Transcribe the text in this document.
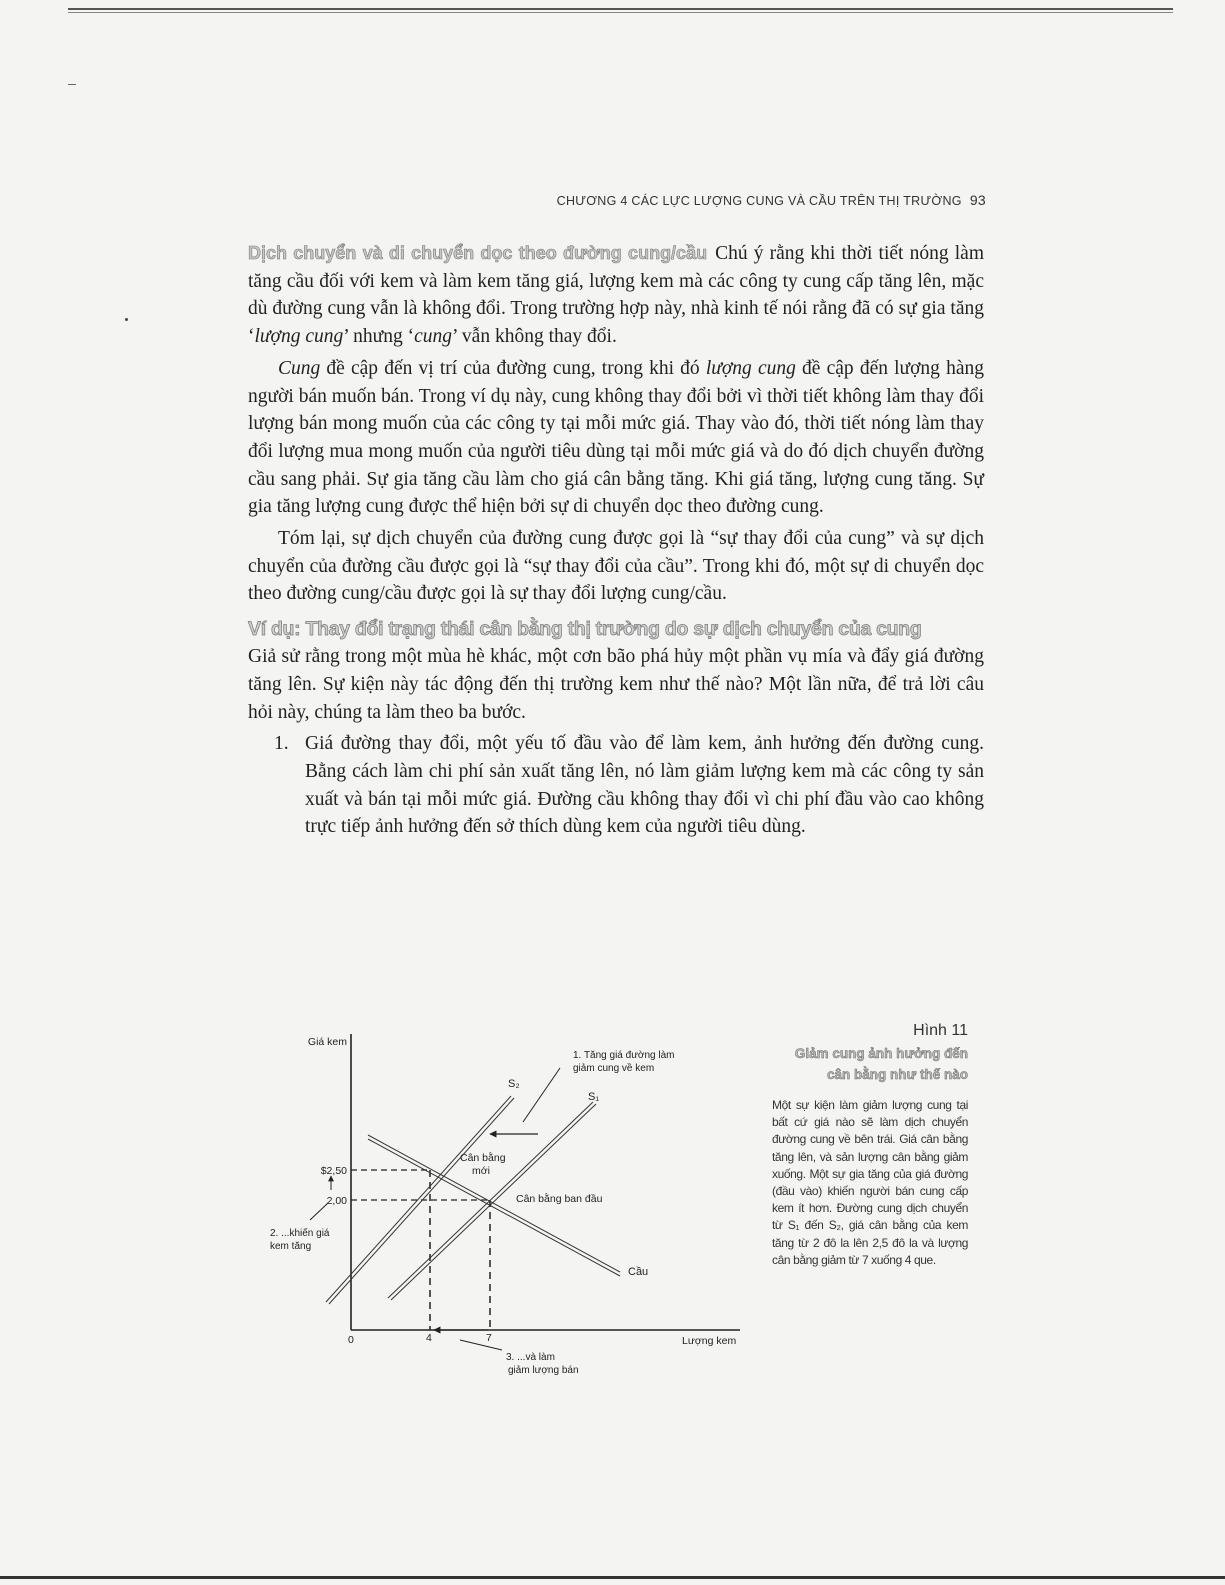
CHƯƠNG 4 CÁC LỰC LƯỢNG CUNG VÀ CẦU TRÊN THỊ TRƯỜNG 93

Dịch chuyển và di chuyển dọc theo đường cung/cầu Chú ý rằng khi thời tiết nóng làm tăng cầu đối với kem và làm kem tăng giá, lượng kem mà các công ty cung cấp tăng lên, mặc dù đường cung vẫn là không đổi. Trong trường hợp này, nhà kinh tế nói rằng đã có sự gia tăng ‘lượng cung’ nhưng ‘cung’ vẫn không thay đổi.

Cung đề cập đến vị trí của đường cung, trong khi đó lượng cung đề cập đến lượng hàng người bán muốn bán. Trong ví dụ này, cung không thay đổi bởi vì thời tiết không làm thay đổi lượng bán mong muốn của các công ty tại mỗi mức giá. Thay vào đó, thời tiết nóng làm thay đổi lượng mua mong muốn của người tiêu dùng tại mỗi mức giá và do đó dịch chuyển đường cầu sang phải. Sự gia tăng cầu làm cho giá cân bằng tăng. Khi giá tăng, lượng cung tăng. Sự gia tăng lượng cung được thể hiện bởi sự di chuyển dọc theo đường cung.

Tóm lại, sự dịch chuyển của đường cung được gọi là “sự thay đổi của cung” và sự dịch chuyển của đường cầu được gọi là “sự thay đổi của cầu”. Trong khi đó, một sự di chuyển dọc theo đường cung/cầu được gọi là sự thay đổi lượng cung/cầu.

Ví dụ: Thay đổi trạng thái cân bằng thị trường do sự dịch chuyển của cung

Giả sử rằng trong một mùa hè khác, một cơn bão phá hủy một phần vụ mía và đẩy giá đường tăng lên. Sự kiện này tác động đến thị trường kem như thế nào? Một lần nữa, để trả lời câu hỏi này, chúng ta làm theo ba bước.

1. Giá đường thay đổi, một yếu tố đầu vào để làm kem, ảnh hưởng đến đường cung. Bằng cách làm chi phí sản xuất tăng lên, nó làm giảm lượng kem mà các công ty sản xuất và bán tại mỗi mức giá. Đường cầu không thay đổi vì chi phí đầu vào cao không trực tiếp ảnh hưởng đến sở thích dùng kem của người tiêu dùng.

Giá kem
Lượng kem
0
$2,50
2,00
4	7
S₂
S₁
Cầu
Cân bằng
mới
Cân bằng ban đầu
1. Tăng giá đường làm
giảm cung về kem
2. ...khiến giá
kem tăng
3. ...và làm
giảm lượng bán
Hình 11
Giảm cung ảnh hưởng đến
cân bằng như thế nào
Một sự kiện làm giảm lượng cung tại bất cứ giá nào sẽ làm dịch chuyển đường cung về bên trái. Giá cân bằng tăng lên, và sản lượng cân bằng giảm xuống. Một sự gia tăng của giá đường (đầu vào) khiến người bán cung cấp kem ít hơn. Đường cung dịch chuyển từ S₁ đến S₂, giá cân bằng của kem tăng từ 2 đô la lên 2,5 đô la và lượng cân bằng giảm từ 7 xuống 4 que.
